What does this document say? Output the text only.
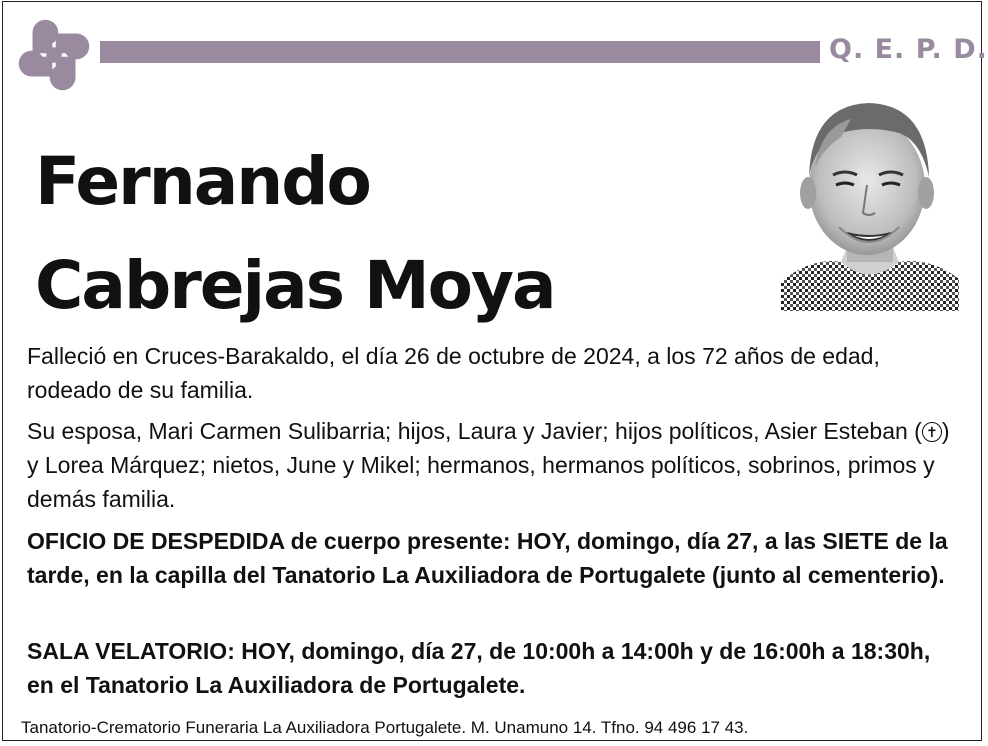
Q. E. P. D.
Fernando
Cabrejas Moya
Falleció en Cruces-Barakaldo, el día 26 de octubre de 2024, a los 72 años de edad, rodeado de su familia.
Su esposa, Mari Carmen Sulibarria; hijos, Laura y Javier; hijos políticos, Asier Esteban ( ✝ ) y Lorea Márquez; nietos, June y Mikel; hermanos, hermanos políticos, sobrinos, primos y demás familia.
OFICIO DE DESPEDIDA de cuerpo presente: HOY, domingo, día 27, a las SIETE de la tarde, en la capilla del Tanatorio La Auxiliadora de Portugalete (junto al cementerio).
SALA VELATORIO: HOY, domingo, día 27, de 10:00h a 14:00h y de 16:00h a 18:30h, en el Tanatorio La Auxiliadora de Portugalete.
Tanatorio-Crematorio Funeraria La Auxiliadora Portugalete. M. Unamuno 14. Tfno. 94 496 17 43.
